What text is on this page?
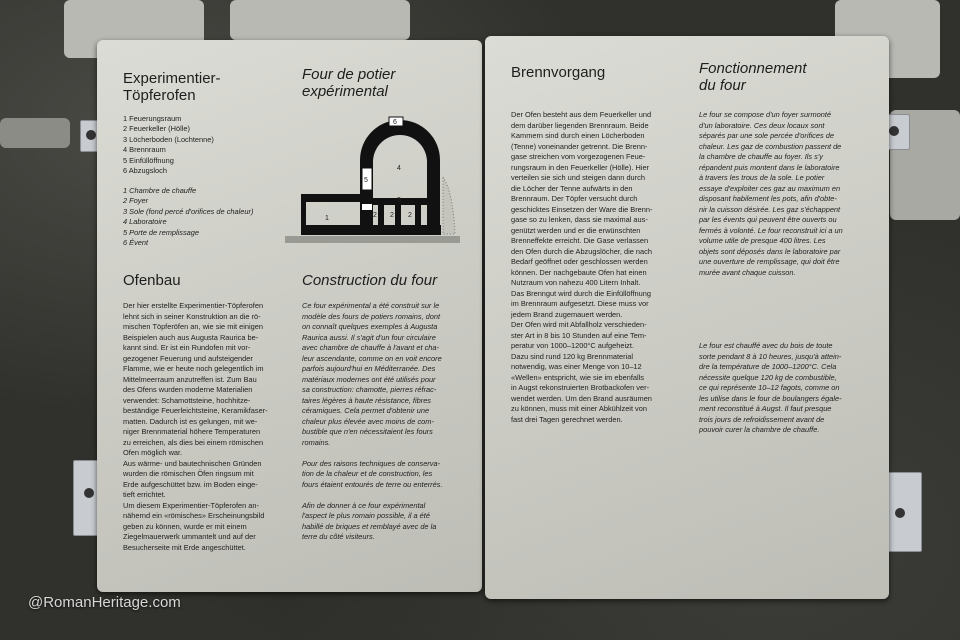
Experimentier-
Töpferofen
Four de potier
expérimental
1 Feuerungsraum
2 Feuerkeller (Hölle)
3 Löcherboden (Lochtenne)
4 Brennraum
5 Einfüllöffnung
6 Abzugsloch
1 Chambre de chauffe
2 Foyer
3 Sole (fond percé d'orifices de chaleur)
4 Laboratoire
5 Porte de remplissage
6 Évent
6
5
4
3
1	2 2 2
Ofenbau	Construction du four
Der hier erstellte Experimentier-Töpferofen
lehnt sich in seiner Konstruktion an die rö-
mischen Töpferöfen an, wie sie mit einigen
Beispielen auch aus Augusta Raurica be-
kannt sind. Er ist ein Rundofen mit vor-
gezogener Feuerung und aufsteigender
Flamme, wie er heute noch gelegentlich im
Mittelmeerraum anzutreffen ist. Zum Bau
des Ofens wurden moderne Materialien
verwendet: Schamottsteine, hochhitze-
beständige Feuerleichtsteine, Keramikfaser-
matten. Dadurch ist es gelungen, mit we-
niger Brennmaterial höhere Temperaturen
zu erreichen, als dies bei einem römischen
Ofen möglich war.
Aus wärme- und bautechnischen Gründen
wurden die römischen Öfen ringsum mit
Erde aufgeschüttet bzw. im Boden einge-
tieft errichtet.
Um diesem Experimentier-Töpferofen an-
nähernd ein «römisches» Erscheinungsbild
geben zu können, wurde er mit einem
Ziegelmauerwerk ummantelt und auf der
Besucherseite mit Erde angeschüttet.
Ce four expérimental a été construit sur le
modèle des fours de potiers romains, dont
on connaît quelques exemples à Augusta
Raurica aussi. Il s'agit d'un four circulaire
avec chambre de chauffe à l'avant et cha-
leur ascendante, comme on en voit encore
parfois aujourd'hui en Méditerranée. Des
matériaux modernes ont été utilisés pour
sa construction: chamotte, pierres réfrac-
taires légères à haute résistance, fibres
céramiques. Cela permet d'obtenir une
chaleur plus élevée avec moins de com-
bustible que n'en nécessitaient les fours
romains.

Pour des raisons techniques de conserva-
tion de la chaleur et de construction, les
fours étaient entourés de terre ou enterrés.

Afin de donner à ce four expérimental
l'aspect le plus romain possible, il a été
habillé de briques et remblayé avec de la
terre du côté visiteurs.
Brennvorgang	Fonctionnement
du four
Der Ofen besteht aus dem Feuerkeller und
dem darüber liegenden Brennraum. Beide
Kammern sind durch einen Löcherboden
(Tenne) voneinander getrennt. Die Brenn-
gase streichen vom vorgezogenen Feue-
rungsraum in den Feuerkeller (Hölle). Hier
verteilen sie sich und steigen dann durch
die Löcher der Tenne aufwärts in den
Brennraum. Der Töpfer versucht durch
geschicktes Einsetzen der Ware die Brenn-
gase so zu lenken, dass sie maximal aus-
genützt werden und er die erwünschten
Brenneffekte erreicht. Die Gase verlassen
den Ofen durch die Abzugslöcher, die nach
Bedarf geöffnet oder geschlossen werden
können. Der nachgebaute Ofen hat einen
Nutzraum von nahezu 400 Litern Inhalt.
Das Brenngut wird durch die Einfüllöffnung
im Brennraum aufgesetzt. Diese muss vor
jedem Brand zugemauert werden.
Der Ofen wird mit Abfallholz verschieden-
ster Art in 8 bis 10 Stunden auf eine Tem-
peratur von 1000–1200°C aufgeheizt.
Dazu sind rund 120 kg Brennmaterial
notwendig, was einer Menge von 10–12
«Wellen» entspricht, wie sie im ebenfalls
in Augst rekonstruierten Brotbackofen ver-
wendet werden. Um den Brand ausräumen
zu können, muss mit einer Abkühlzeit von
fast drei Tagen gerechnet werden.
Le four se compose d'un foyer surmonté
d'un laboratoire. Ces deux locaux sont
séparés par une sole percée d'orifices de
chaleur. Les gaz de combustion passent de
la chambre de chauffe au foyer. Ils s'y
répandent puis montent dans le laboratoire
à travers les trous de la sole. Le potier
essaye d'exploiter ces gaz au maximum en
disposant habilement les pots, afin d'obte-
nir la cuisson désirée. Les gaz s'échappent
par les évents qui peuvent être ouverts ou
fermés à volonté. Le four reconstruit ici a un
volume utile de presque 400 litres. Les
objets sont déposés dans le laboratoire par
une ouverture de remplissage, qui doit être
murée avant chaque cuisson.
Le four est chauffé avec du bois de toute
sorte pendant 8 à 10 heures, jusqu'à attein-
dre la température de 1000–1200°C. Cela
nécessite quelque 120 kg de combustible,
ce qui représente 10–12 fagots, comme on
les utilise dans le four de boulangers égale-
ment reconstitué à Augst. Il faut presque
trois jours de refroidissement avant de
pouvoir curer la chambre de chauffe.
@RomanHeritage.com
